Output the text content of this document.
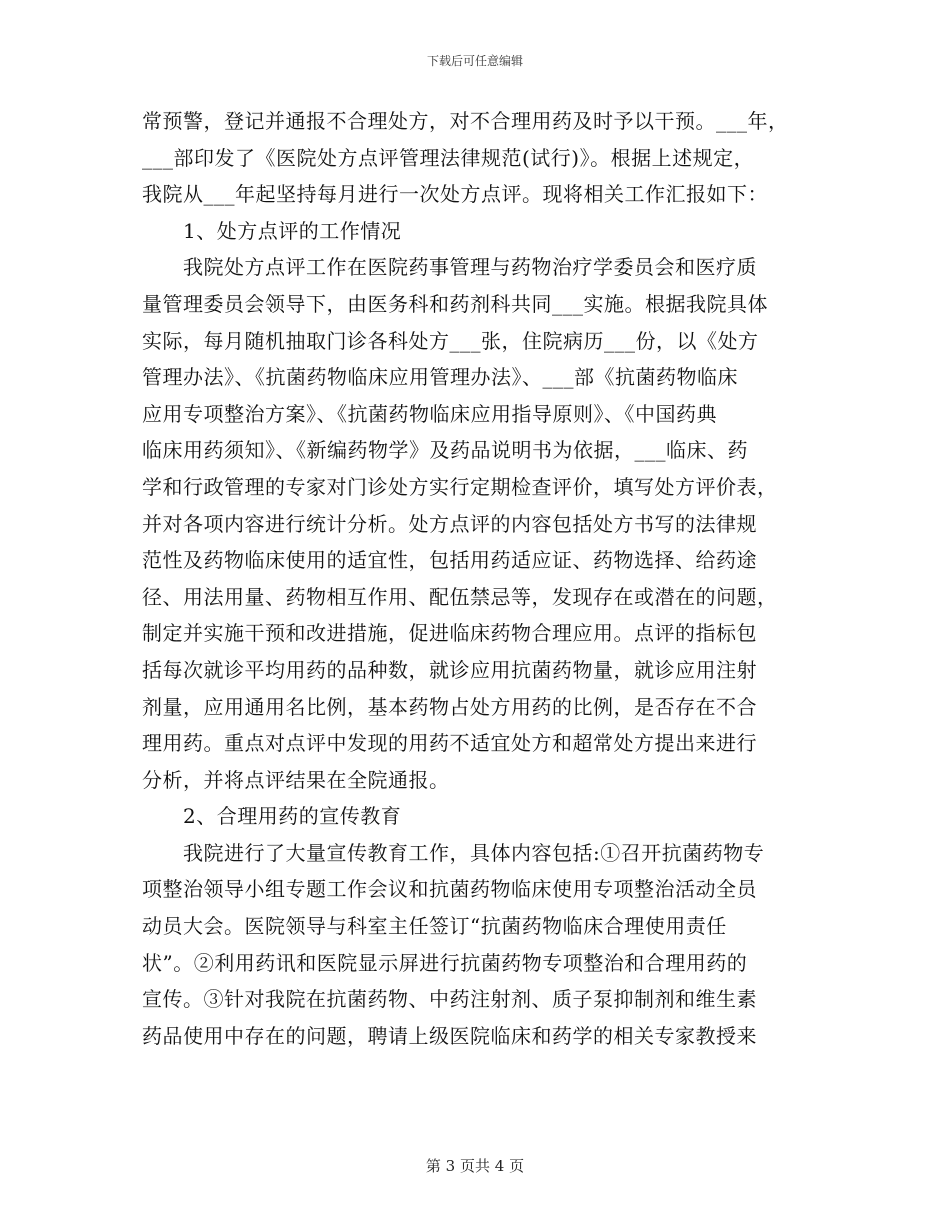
下载后可任意编辑
常预警，登记并通报不合理处方，对不合理用药及时予以干预。___年，
___部印发了《医院处方点评管理法律规范(试行)》。根据上述规定，
我院从___年起坚持每月进行一次处方点评。现将相关工作汇报如下：
　　1、处方点评的工作情况
　　我院处方点评工作在医院药事管理与药物治疗学委员会和医疗质
量管理委员会领导下，由医务科和药剂科共同___实施。根据我院具体
实际，每月随机抽取门诊各科处方___张，住院病历___份，以《处方
管理办法》、《抗菌药物临床应用管理办法》、___部《抗菌药物临床
应用专项整治方案》、《抗菌药物临床应用指导原则》、《中国药典
临床用药须知》、《新编药物学》及药品说明书为依据，___临床、药
学和行政管理的专家对门诊处方实行定期检查评价，填写处方评价表，
并对各项内容进行统计分析。处方点评的内容包括处方书写的法律规
范性及药物临床使用的适宜性，包括用药适应证、药物选择、给药途
径、用法用量、药物相互作用、配伍禁忌等，发现存在或潜在的问题，
制定并实施干预和改进措施，促进临床药物合理应用。点评的指标包
括每次就诊平均用药的品种数，就诊应用抗菌药物量，就诊应用注射
剂量，应用通用名比例，基本药物占处方用药的比例，是否存在不合
理用药。重点对点评中发现的用药不适宜处方和超常处方提出来进行
分析，并将点评结果在全院通报。
　　2、合理用药的宣传教育
　　我院进行了大量宣传教育工作，具体内容包括:①召开抗菌药物专
项整治领导小组专题工作会议和抗菌药物临床使用专项整治活动全员
动员大会。医院领导与科室主任签订“抗菌药物临床合理使用责任
状”。②利用药讯和医院显示屏进行抗菌药物专项整治和合理用药的
宣传。③针对我院在抗菌药物、中药注射剂、质子泵抑制剂和维生素
药品使用中存在的问题，聘请上级医院临床和药学的相关专家教授来
第 3 页共 4 页
